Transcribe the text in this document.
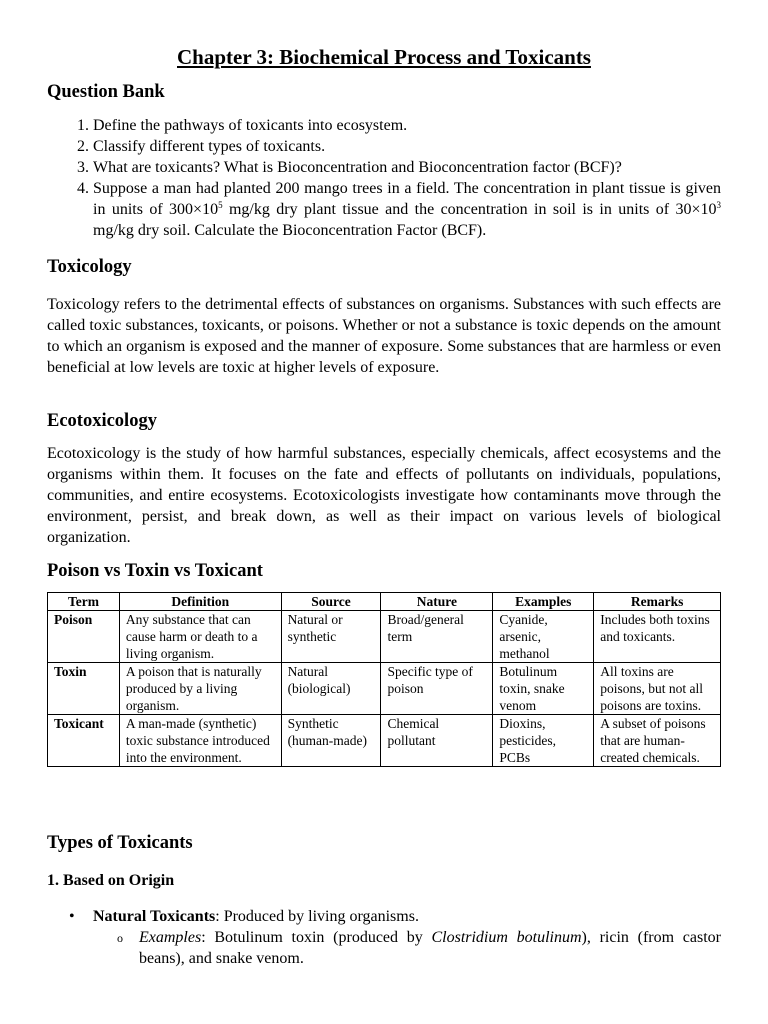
Chapter 3: Biochemical Process and Toxicants
Question Bank
1. Define the pathways of toxicants into ecosystem.
2. Classify different types of toxicants.
3. What are toxicants? What is Bioconcentration and Bioconcentration factor (BCF)?
4. Suppose a man had planted 200 mango trees in a field. The concentration in plant tissue is given in units of $300\times 10^5$ mg/kg dry plant tissue and the concentration in soil is in units of $30\times 10^3$ mg/kg dry soil. Calculate the Bioconcentration Factor (BCF).
Toxicology

Toxicology refers to the detrimental effects of substances on organisms. Substances with such effects are called toxic substances, toxicants, or poisons. Whether or not a substance is toxic depends on the amount to which an organism is exposed and the manner of exposure. Some substances that are harmless or even beneficial at low levels are toxic at higher levels of exposure.

Ecotoxicology

Ecotoxicology is the study of how harmful substances, especially chemicals, affect ecosystems and the organisms within them. It focuses on the fate and effects of pollutants on individuals, populations, communities, and entire ecosystems. Ecotoxicologists investigate how contaminants move through the environment, persist, and break down, as well as their impact on various levels of biological organization.

Poison vs Toxin vs Toxicant
Term	Definition	Source	Nature	Examples	Remarks
Poison	Any substance that can cause harm or death to a living organism.	Natural or synthetic	Broad/general term	Cyanide, arsenic, methanol	Includes both toxins and toxicants.
Toxin	A poison that is naturally produced by a living organism.	Natural (biological)	Specific type of poison	Botulinum toxin, snake venom	All toxins are poisons, but not all poisons are toxins.
Toxicant	A man-made (synthetic) toxic substance introduced into the environment.	Synthetic (human-made)	Chemical pollutant	Dioxins, pesticides, PCBs	A subset of poisons that are human-created chemicals.
Types of Toxicants
1. Based on Origin
• Natural Toxicants: Produced by living organisms.
o Examples: Botulinum toxin (produced by Clostridium botulinum), ricin (from castor beans), and snake venom.
